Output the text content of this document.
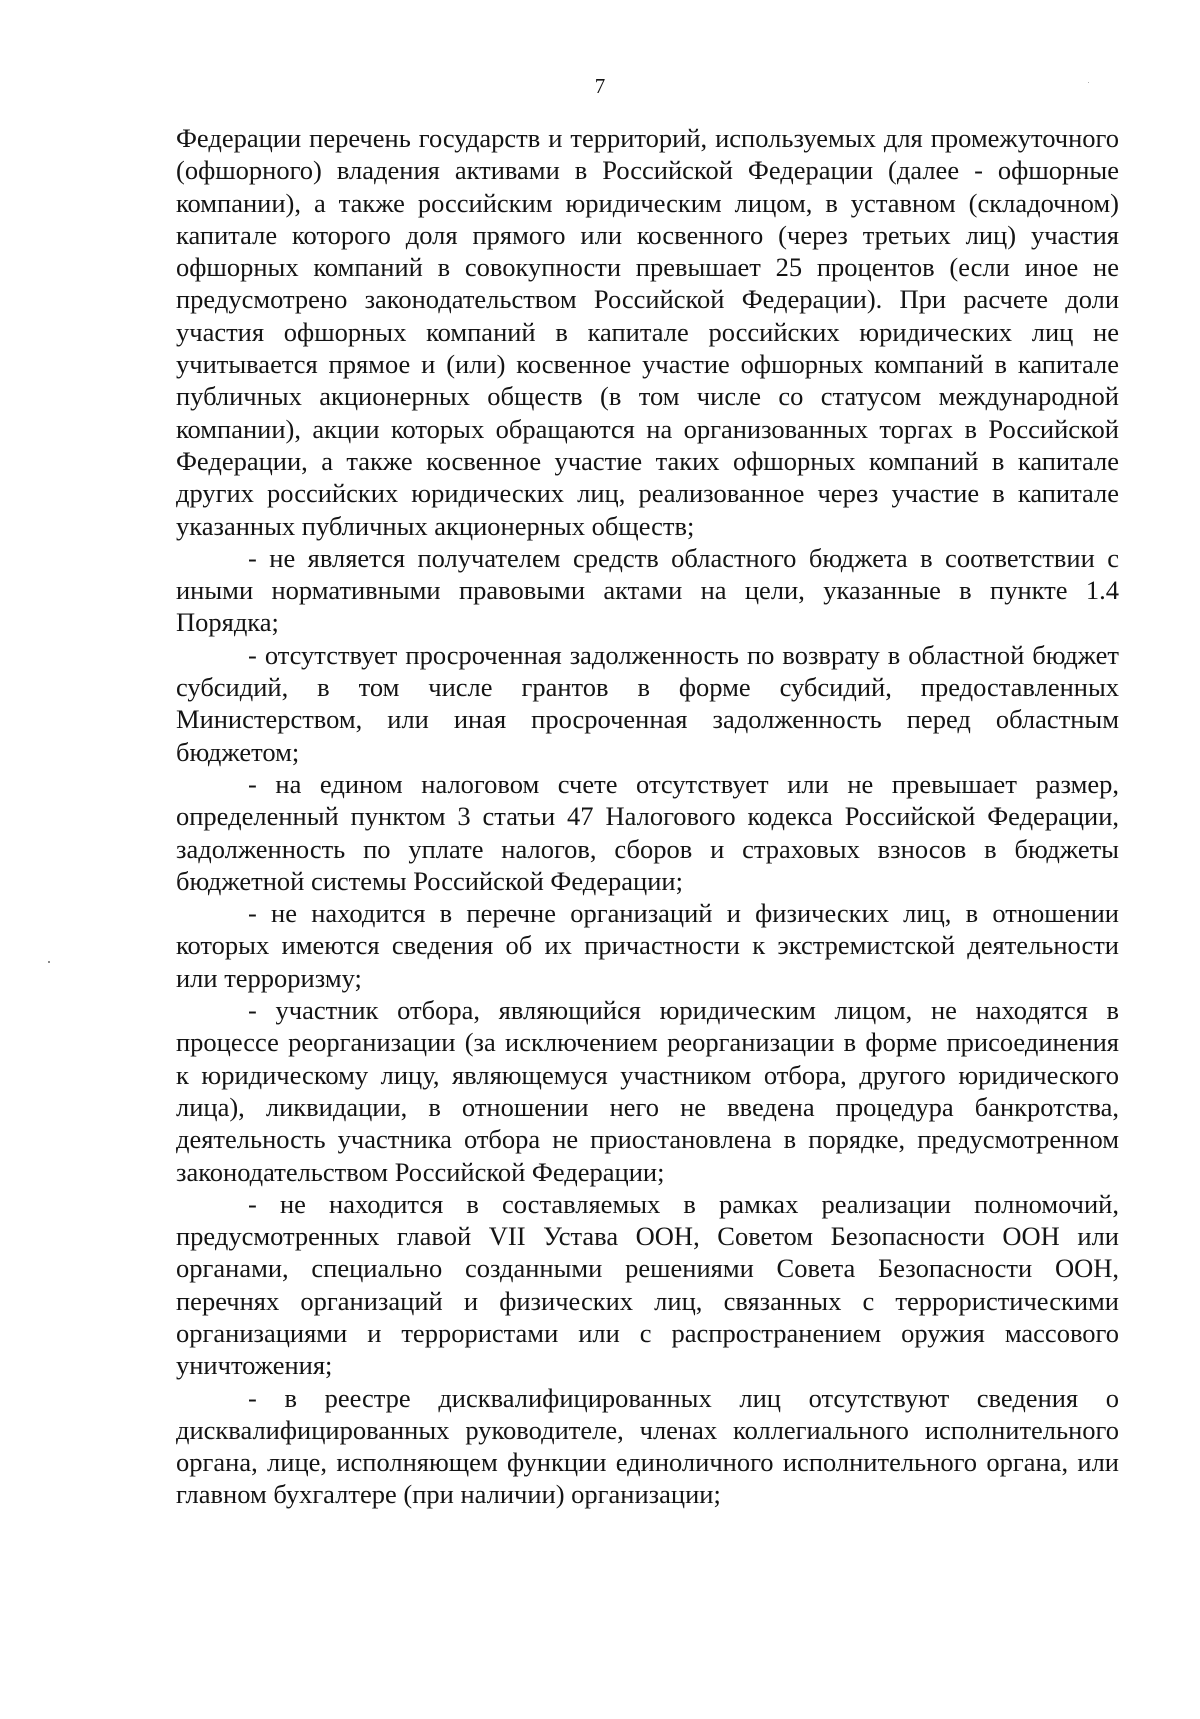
7

Федерации перечень государств и территорий, используемых для промежуточного (офшорного) владения активами в Российской Федерации (далее - офшорные компании), а также российским юридическим лицом, в уставном (складочном) капитале которого доля прямого или косвенного (через третьих лиц) участия офшорных компаний в совокупности превышает 25 процентов (если иное не предусмотрено законодательством Российской Федерации). При расчете доли участия офшорных компаний в капитале российских юридических лиц не учитывается прямое и (или) косвенное участие офшорных компаний в капитале публичных акционерных обществ (в том числе со статусом международной компании), акции которых обращаются на организованных торгах в Российской Федерации, а также косвенное участие таких офшорных компаний в капитале других российских юридических лиц, реализованное через участие в капитале указанных публичных акционерных обществ;

- не является получателем средств областного бюджета в соответствии с иными нормативными правовыми актами на цели, указанные в пункте 1.4 Порядка;

- отсутствует просроченная задолженность по возврату в областной бюджет субсидий, в том числе грантов в форме субсидий, предоставленных Министерством, или иная просроченная задолженность перед областным бюджетом;

- на едином налоговом счете отсутствует или не превышает размер, определенный пунктом 3 статьи 47 Налогового кодекса Российской Федерации, задолженность по уплате налогов, сборов и страховых взносов в бюджеты бюджетной системы Российской Федерации;

- не находится в перечне организаций и физических лиц, в отношении которых имеются сведения об их причастности к экстремистской деятельности или терроризму;

- участник отбора, являющийся юридическим лицом, не находятся в процессе реорганизации (за исключением реорганизации в форме присоединения к юридическому лицу, являющемуся участником отбора, другого юридического лица), ликвидации, в отношении него не введена процедура банкротства, деятельность участника отбора не приостановлена в порядке, предусмотренном законодательством Российской Федерации;

- не находится в составляемых в рамках реализации полномочий, предусмотренных главой VII Устава ООН, Советом Безопасности ООН или органами, специально созданными решениями Совета Безопасности ООН, перечнях организаций и физических лиц, связанных с террористическими организациями и террористами или с распространением оружия массового уничтожения;

- в реестре дисквалифицированных лиц отсутствуют сведения о дисквалифицированных руководителе, членах коллегиального исполнительного органа, лице, исполняющем функции единоличного исполнительного органа, или главном бухгалтере (при наличии) организации;
